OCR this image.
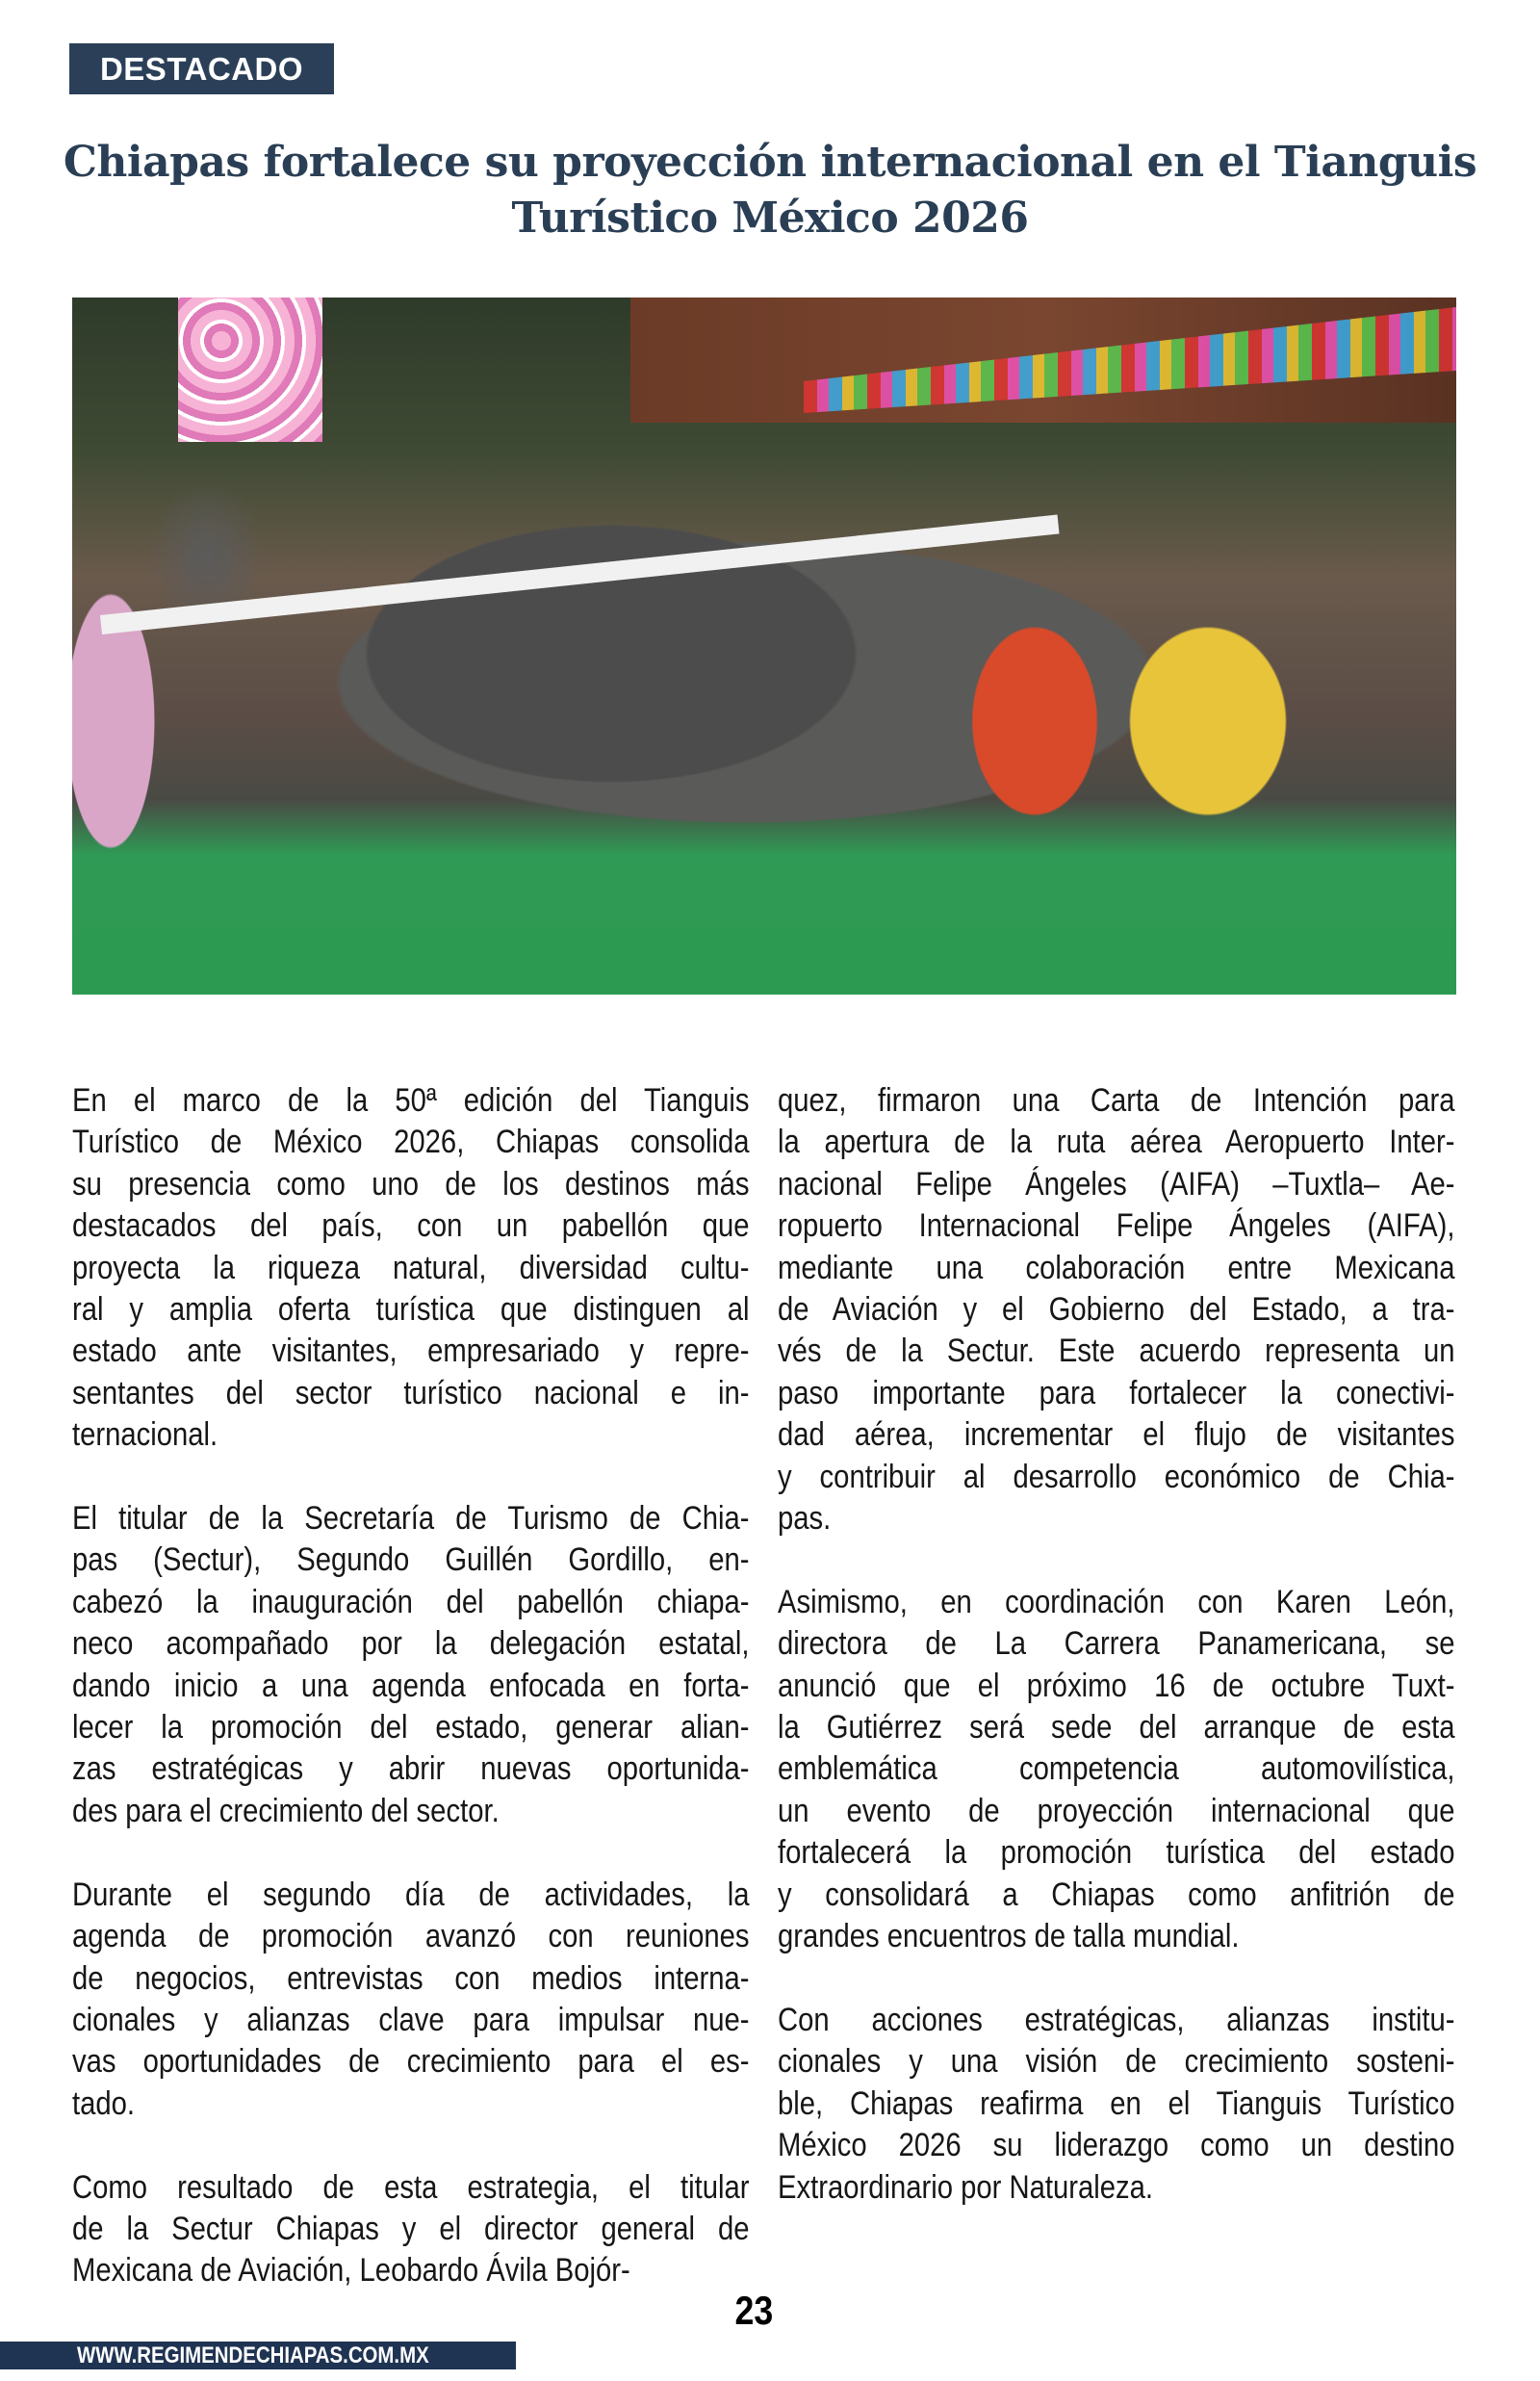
DESTACADO
Chiapas fortalece su proyección internacional en el Tianguis Turístico México 2026
En el marco de la 50ª edición del Tianguis
Turístico de México 2026, Chiapas consolida
su presencia como uno de los destinos más
destacados del país, con un pabellón que
proyecta la riqueza natural, diversidad cultu-
ral y amplia oferta turística que distinguen al
estado ante visitantes, empresariado y repre-
sentantes del sector turístico nacional e in-
ternacional.
El titular de la Secretaría de Turismo de Chia-
pas (Sectur), Segundo Guillén Gordillo, en-
cabezó la inauguración del pabellón chiapa-
neco acompañado por la delegación estatal,
dando inicio a una agenda enfocada en forta-
lecer la promoción del estado, generar alian-
zas estratégicas y abrir nuevas oportunida-
des para el crecimiento del sector.
Durante el segundo día de actividades, la
agenda de promoción avanzó con reuniones
de negocios, entrevistas con medios interna-
cionales y alianzas clave para impulsar nue-
vas oportunidades de crecimiento para el es-
tado.
Como resultado de esta estrategia, el titular
de la Sectur Chiapas y el director general de
Mexicana de Aviación, Leobardo Ávila Bojór-
quez, firmaron una Carta de Intención para
la apertura de la ruta aérea Aeropuerto Inter-
nacional Felipe Ángeles (AIFA) –Tuxtla– Ae-
ropuerto Internacional Felipe Ángeles (AIFA),
mediante una colaboración entre Mexicana
de Aviación y el Gobierno del Estado, a tra-
vés de la Sectur. Este acuerdo representa un
paso importante para fortalecer la conectivi-
dad aérea, incrementar el flujo de visitantes
y contribuir al desarrollo económico de Chia-
pas.
Asimismo, en coordinación con Karen León,
directora de La Carrera Panamericana, se
anunció que el próximo 16 de octubre Tuxt-
la Gutiérrez será sede del arranque de esta
emblemática competencia automovilística,
un evento de proyección internacional que
fortalecerá la promoción turística del estado
y consolidará a Chiapas como anfitrión de
grandes encuentros de talla mundial.
Con acciones estratégicas, alianzas institu-
cionales y una visión de crecimiento sosteni-
ble, Chiapas reafirma en el Tianguis Turístico
México 2026 su liderazgo como un destino
Extraordinario por Naturaleza.
23
WWW.REGIMENDECHIAPAS.COM.MX
